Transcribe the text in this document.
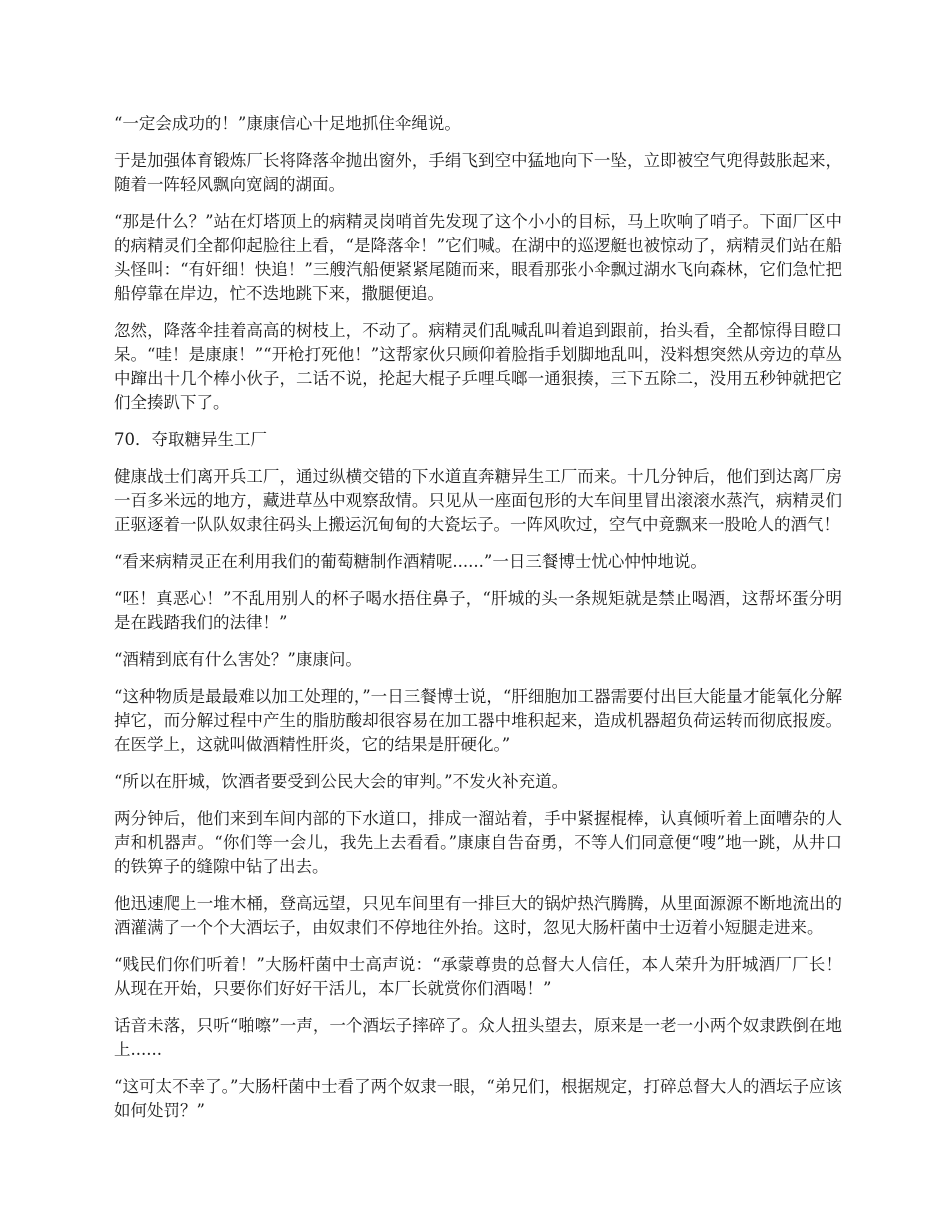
“一定会成功的！”康康信心十足地抓住伞绳说。

于是加强体育锻炼厂长将降落伞抛出窗外，手绢飞到空中猛地向下一坠，立即被空气兜得鼓胀起来，随着一阵轻风飘向宽阔的湖面。

“那是什么？”站在灯塔顶上的病精灵岗哨首先发现了这个小小的目标，马上吹响了哨子。下面厂区中的病精灵们全都仰起脸往上看，“是降落伞！”它们喊。在湖中的巡逻艇也被惊动了，病精灵们站在船头怪叫：“有奸细！快追！”三艘汽船便紧紧尾随而来，眼看那张小伞飘过湖水飞向森林，它们急忙把船停靠在岸边，忙不迭地跳下来，撒腿便追。

忽然，降落伞挂着高高的树枝上，不动了。病精灵们乱喊乱叫着追到跟前，抬头看，全都惊得目瞪口呆。“哇！是康康！”“开枪打死他！”这帮家伙只顾仰着脸指手划脚地乱叫，没料想突然从旁边的草丛中蹿出十几个棒小伙子，二话不说，抡起大棍子乒哩乓啷一通狠揍，三下五除二，没用五秒钟就把它们全揍趴下了。

70．夺取糖异生工厂

健康战士们离开兵工厂，通过纵横交错的下水道直奔糖异生工厂而来。十几分钟后，他们到达离厂房一百多米远的地方，藏进草丛中观察敌情。只见从一座面包形的大车间里冒出滚滚水蒸汽，病精灵们正驱逐着一队队奴隶往码头上搬运沉甸甸的大瓷坛子。一阵风吹过，空气中竟飘来一股呛人的酒气！

“看来病精灵正在利用我们的葡萄糖制作酒精呢......”一日三餐博士忧心忡忡地说。

“呸！真恶心！”不乱用别人的杯子喝水捂住鼻子，“肝城的头一条规矩就是禁止喝酒，这帮坏蛋分明是在践踏我们的法律！”

“酒精到底有什么害处？”康康问。

“这种物质是最最难以加工处理的，”一日三餐博士说，“肝细胞加工器需要付出巨大能量才能氧化分解掉它，而分解过程中产生的脂肪酸却很容易在加工器中堆积起来，造成机器超负荷运转而彻底报废。在医学上，这就叫做酒精性肝炎，它的结果是肝硬化。”

“所以在肝城，饮酒者要受到公民大会的审判。”不发火补充道。

两分钟后，他们来到车间内部的下水道口，排成一溜站着，手中紧握棍棒，认真倾听着上面嘈杂的人声和机器声。“你们等一会儿，我先上去看看。”康康自告奋勇，不等人们同意便“嗖”地一跳，从井口的铁箅子的缝隙中钻了出去。

他迅速爬上一堆木桶，登高远望，只见车间里有一排巨大的锅炉热汽腾腾，从里面源源不断地流出的酒灌满了一个个大酒坛子，由奴隶们不停地往外抬。这时，忽见大肠杆菌中士迈着小短腿走进来。

“贱民们你们听着！”大肠杆菌中士高声说：“承蒙尊贵的总督大人信任，本人荣升为肝城酒厂厂长！从现在开始，只要你们好好干活儿，本厂长就赏你们酒喝！”

话音未落，只听“啪嚓”一声，一个酒坛子摔碎了。众人扭头望去，原来是一老一小两个奴隶跌倒在地上......

“这可太不幸了。”大肠杆菌中士看了两个奴隶一眼，“弟兄们，根据规定，打碎总督大人的酒坛子应该如何处罚？”
